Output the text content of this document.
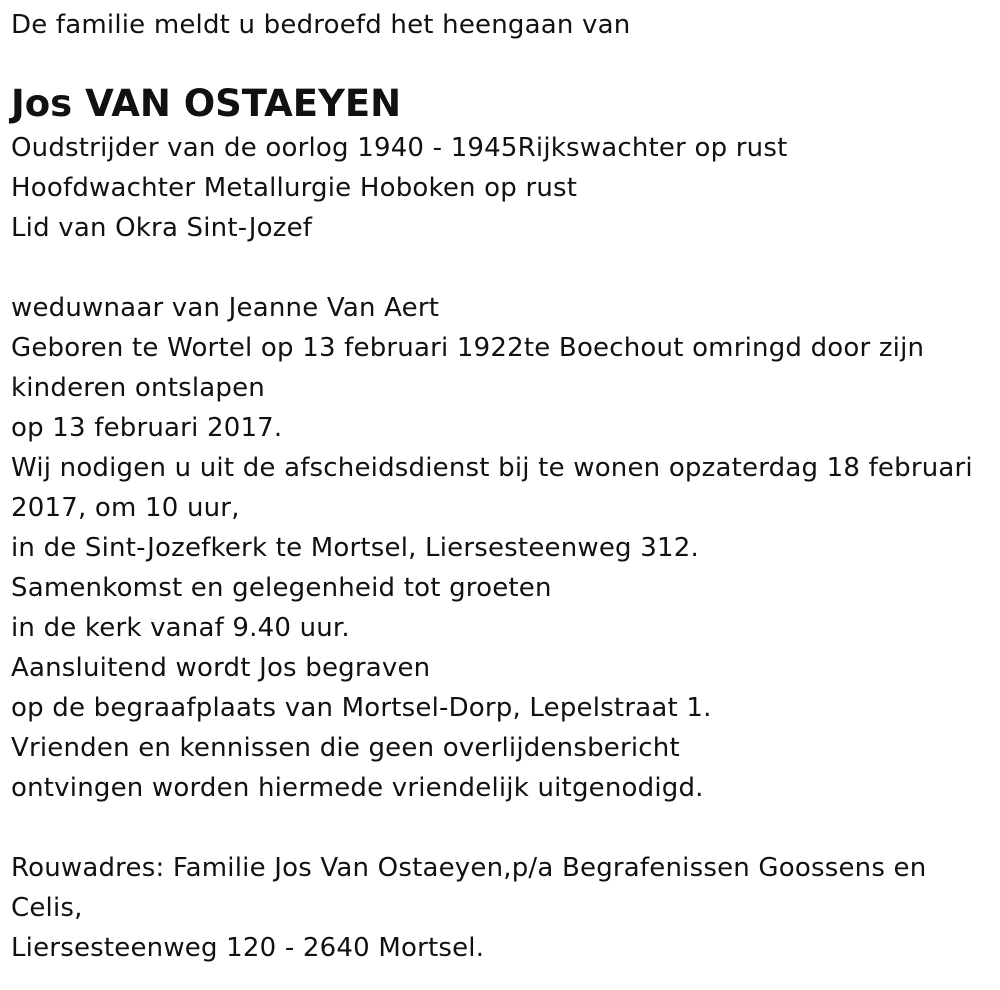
De familie meldt u bedroefd het heengaan van
Jos VAN OSTAEYEN
Oudstrijder van de oorlog 1940 - 1945Rijkswachter op rust
Hoofdwachter Metallurgie Hoboken op rust
Lid van Okra Sint-Jozef
weduwnaar van Jeanne Van Aert
Geboren te Wortel op 13 februari 1922te Boechout omringd door zijn
kinderen ontslapen
op 13 februari 2017.
Wij nodigen u uit de afscheidsdienst bij te wonen opzaterdag 18 februari
2017, om 10 uur,
in de Sint-Jozefkerk te Mortsel, Liersesteenweg 312.
Samenkomst en gelegenheid tot groeten
in de kerk vanaf 9.40 uur.
Aansluitend wordt Jos begraven
op de begraafplaats van Mortsel-Dorp, Lepelstraat 1.
Vrienden en kennissen die geen overlijdensbericht
ontvingen worden hiermede vriendelijk uitgenodigd.
Rouwadres: Familie Jos Van Ostaeyen,p/a Begrafenissen Goossens en
Celis,
Liersesteenweg 120 - 2640 Mortsel.
